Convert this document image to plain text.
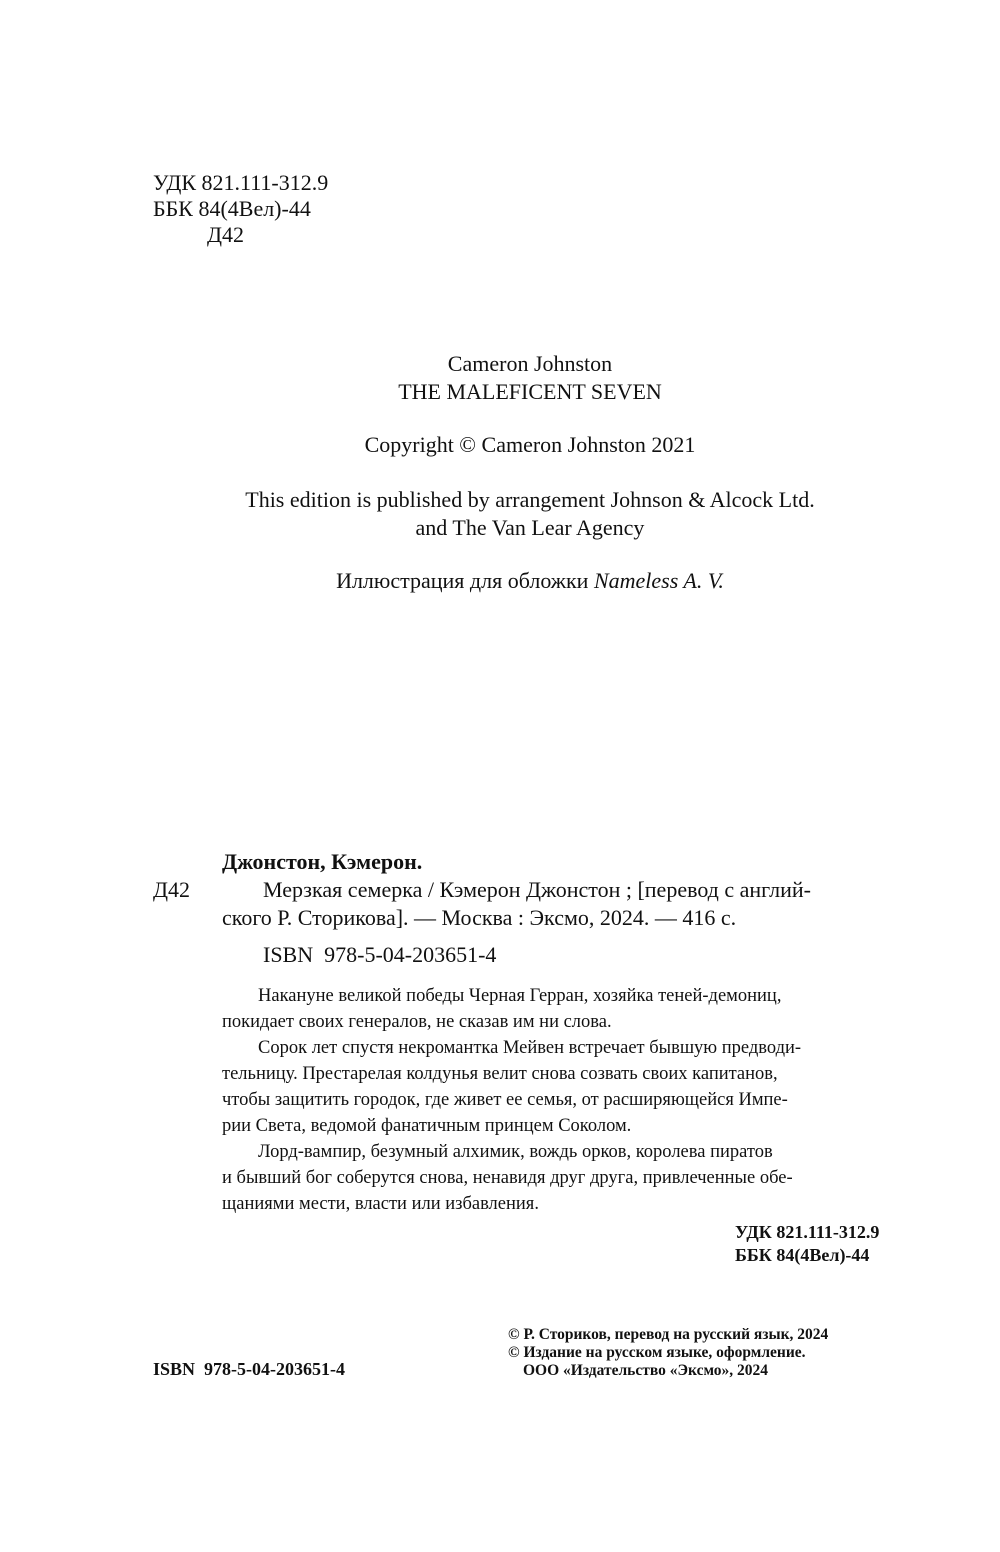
УДК 821.111-312.9
ББК 84(4Вел)-44
Д42
Cameron Johnston
THE MALEFICENT SEVEN
Copyright © Cameron Johnston 2021
This edition is published by arrangement Johnson & Alcock Ltd.
and The Van Lear Agency
Иллюстрация для обложки Nameless A. V.
Джонстон, Кэмерон.
Д42	Мерзкая семерка / Кэмерон Джонстон ; [перевод с англий-
ского Р. Сторикова]. — Москва : Эксмо, 2024. — 416 с.
ISBN  978-5-04-203651-4
Накануне великой победы Черная Герран, хозяйка теней-демониц,
покидает своих генералов, не сказав им ни слова.
Сорок лет спустя некромантка Мейвен встречает бывшую предводи-
тельницу. Престарелая колдунья велит снова созвать своих капитанов,
чтобы защитить городок, где живет ее семья, от расширяющейся Импе-
рии Света, ведомой фанатичным принцем Соколом.
Лорд-вампир, безумный алхимик, вождь орков, королева пиратов
и бывший бог соберутся снова, ненавидя друг друга, привлеченные обе-
щаниями мести, власти или избавления.
УДК 821.111-312.9
ББК 84(4Вел)-44
ISBN  978-5-04-203651-4
© Р. Сториков, перевод на русский язык, 2024
© Издание на русском языке, оформление.
ООО «Издательство «Эксмо», 2024
